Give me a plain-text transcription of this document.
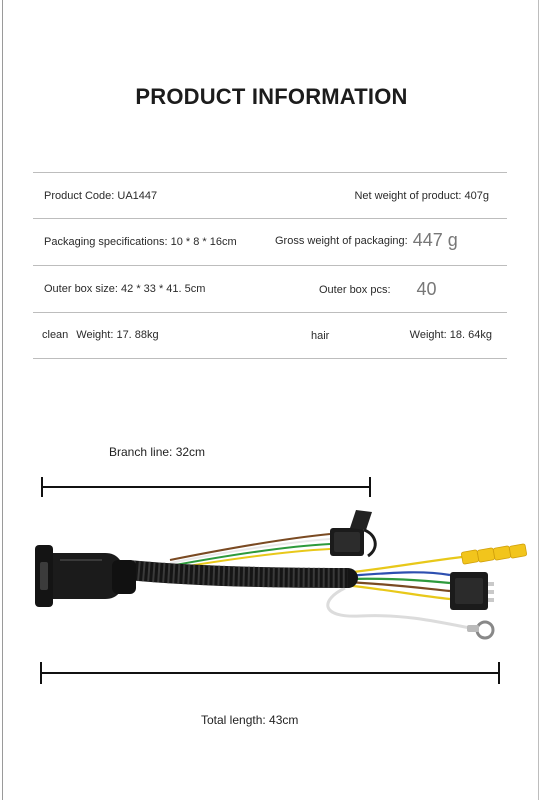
PRODUCT INFORMATION
Product Code: UA1447	Net weight of product: 407g
Packaging specifications: 10 * 8 * 16cm	Gross weight of packaging: 447 g
Outer box size: 42 * 33 * 41. 5cm	Outer box pcs: 40
clean Weight: 17. 88kg	hair	Weight: 18. 64kg
Branch line: 32cm
Total length: 43cm
